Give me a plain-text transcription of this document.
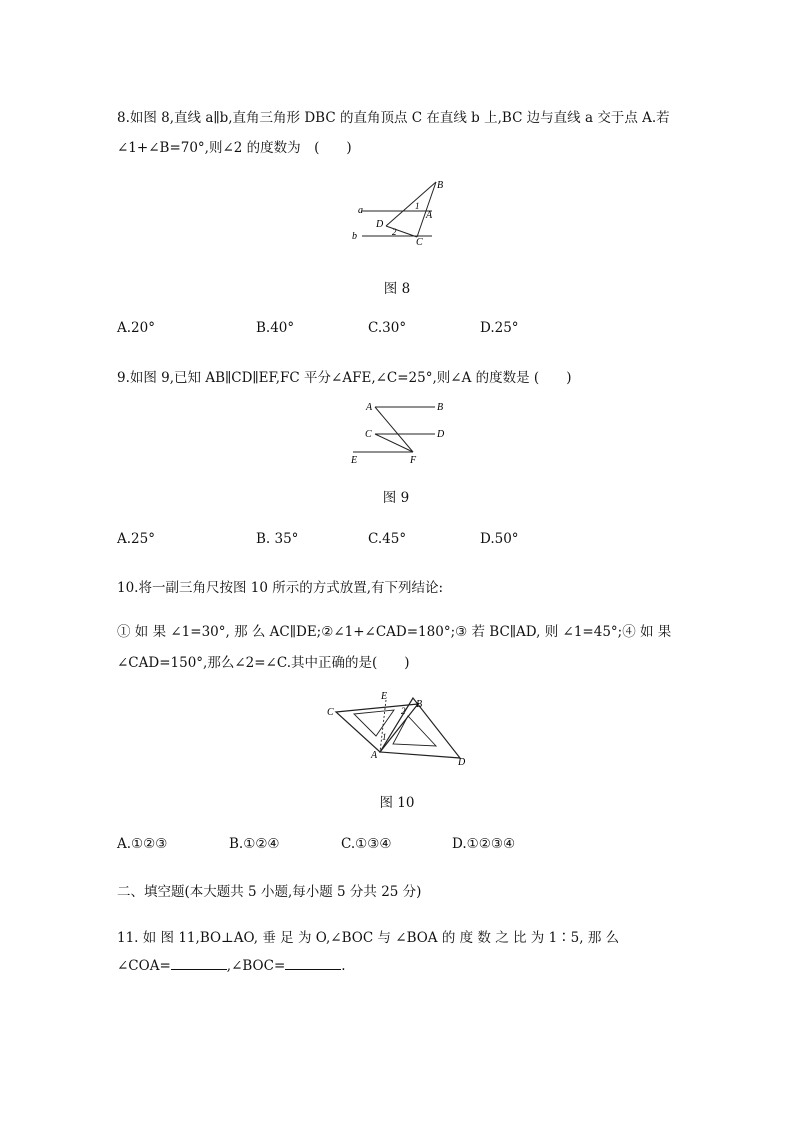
8.如图 8,直线 a∥b,直角三角形 DBC 的直角顶点 C 在直线 b 上,BC 边与直线 a 交于点 A.若
∠1+∠B=70°,则∠2 的度数为　(　　)
a
b
B
A
D
C
1
2
图 8
A.20°	B.40°	C.30°	D.25°
9.如图 9,已知 AB∥CD∥EF,FC 平分∠AFE,∠C=25°,则∠A 的度数是 (　　)
A	B
C	D
E	F
图 9
A.25°	B. 35°	C.45°	D.50°
10.将一副三角尺按图 10 所示的方式放置,有下列结论:
① 如 果 ∠1=30°, 那 么 AC∥DE;②∠1+∠CAD=180°;③ 若 BC∥AD, 则 ∠1=45°;④ 如 果
∠CAD=150°,那么∠2=∠C.其中正确的是(　　)
C
E
B
A
D
1
2
图 10
A.①②③	B.①②④	C.①③④	D.①②③④
二、填空题(本大题共 5 小题,每小题 5 分共 25 分)
11. 如 图 11,BO⊥AO, 垂 足 为 O,∠BOC 与 ∠BOA 的 度 数 之 比 为 1∶5, 那 么
∠COA=	,∠BOC=	.
